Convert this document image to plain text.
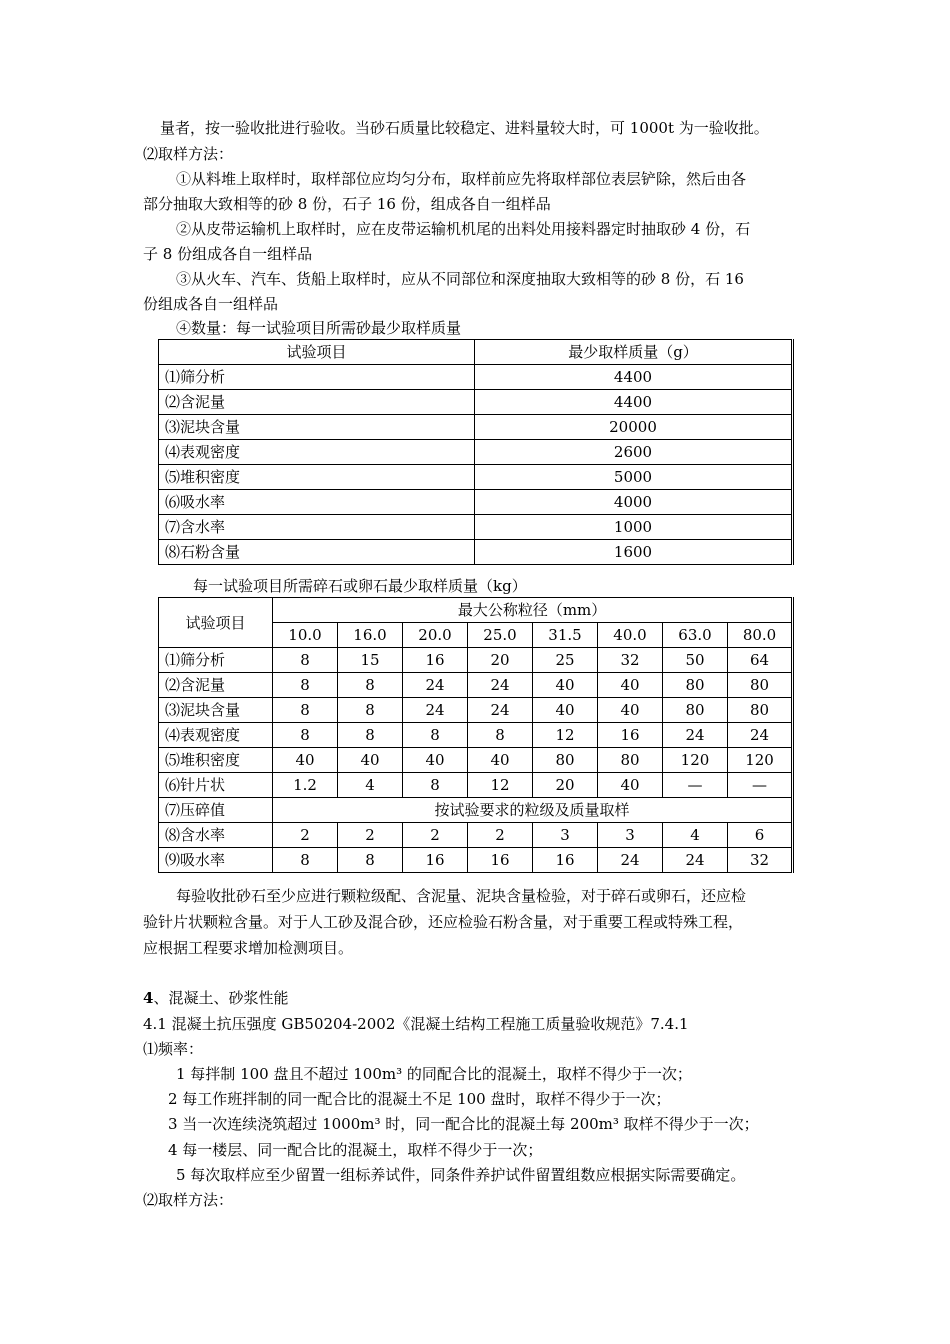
量者，按一验收批进行验收。当砂石质量比较稳定、进料量较大时，可 1000t 为一验收批。
⑵取样方法：
①从料堆上取样时，取样部位应均匀分布，取样前应先将取样部位表层铲除，然后由各
部分抽取大致相等的砂 8 份，石子 16 份，组成各自一组样品
②从皮带运输机上取样时，应在皮带运输机机尾的出料处用接料器定时抽取砂 4 份，石
子 8 份组成各自一组样品
③从火车、汽车、货船上取样时，应从不同部位和深度抽取大致相等的砂 8 份，石 16
份组成各自一组样品
④数量：每一试验项目所需砂最少取样质量
试验项目	最少取样质量（g）
⑴筛分析	4400
⑵含泥量	4400
⑶泥块含量	20000
⑷表观密度	2600
⑸堆积密度	5000
⑹吸水率	4000
⑺含水率	1000
⑻石粉含量	1600
每一试验项目所需碎石或卵石最少取样质量（kg）
试验项目	最大公称粒径（mm）							
	10.0	16.0	20.0	25.0	31.5	40.0	63.0	80.0
⑴筛分析	8	15	16	20	25	32	50	64
⑵含泥量	8	8	24	24	40	40	80	80
⑶泥块含量	8	8	24	24	40	40	80	80
⑷表观密度	8	8	8	8	12	16	24	24
⑸堆积密度	40	40	40	40	80	80	120	120
⑹针片状	1.2	4	8	12	20	40	—	—
⑺压碎值	按试验要求的粒级及质量取样							
⑻含水率	2	2	2	2	3	3	4	6
⑼吸水率	8	8	16	16	16	24	24	32
每验收批砂石至少应进行颗粒级配、含泥量、泥块含量检验，对于碎石或卵石，还应检
验针片状颗粒含量。对于人工砂及混合砂，还应检验石粉含量，对于重要工程或特殊工程，
应根据工程要求增加检测项目。
4、混凝土、砂浆性能
4.1 混凝土抗压强度 GB50204-2002《混凝土结构工程施工质量验收规范》7.4.1
⑴频率：
1 每拌制 100 盘且不超过 100m³ 的同配合比的混凝土，取样不得少于一次；
2 每工作班拌制的同一配合比的混凝土不足 100 盘时，取样不得少于一次；
3 当一次连续浇筑超过 1000m³ 时，同一配合比的混凝土每 200m³ 取样不得少于一次；
4 每一楼层、同一配合比的混凝土，取样不得少于一次；
5 每次取样应至少留置一组标养试件，同条件养护试件留置组数应根据实际需要确定。
⑵取样方法：
